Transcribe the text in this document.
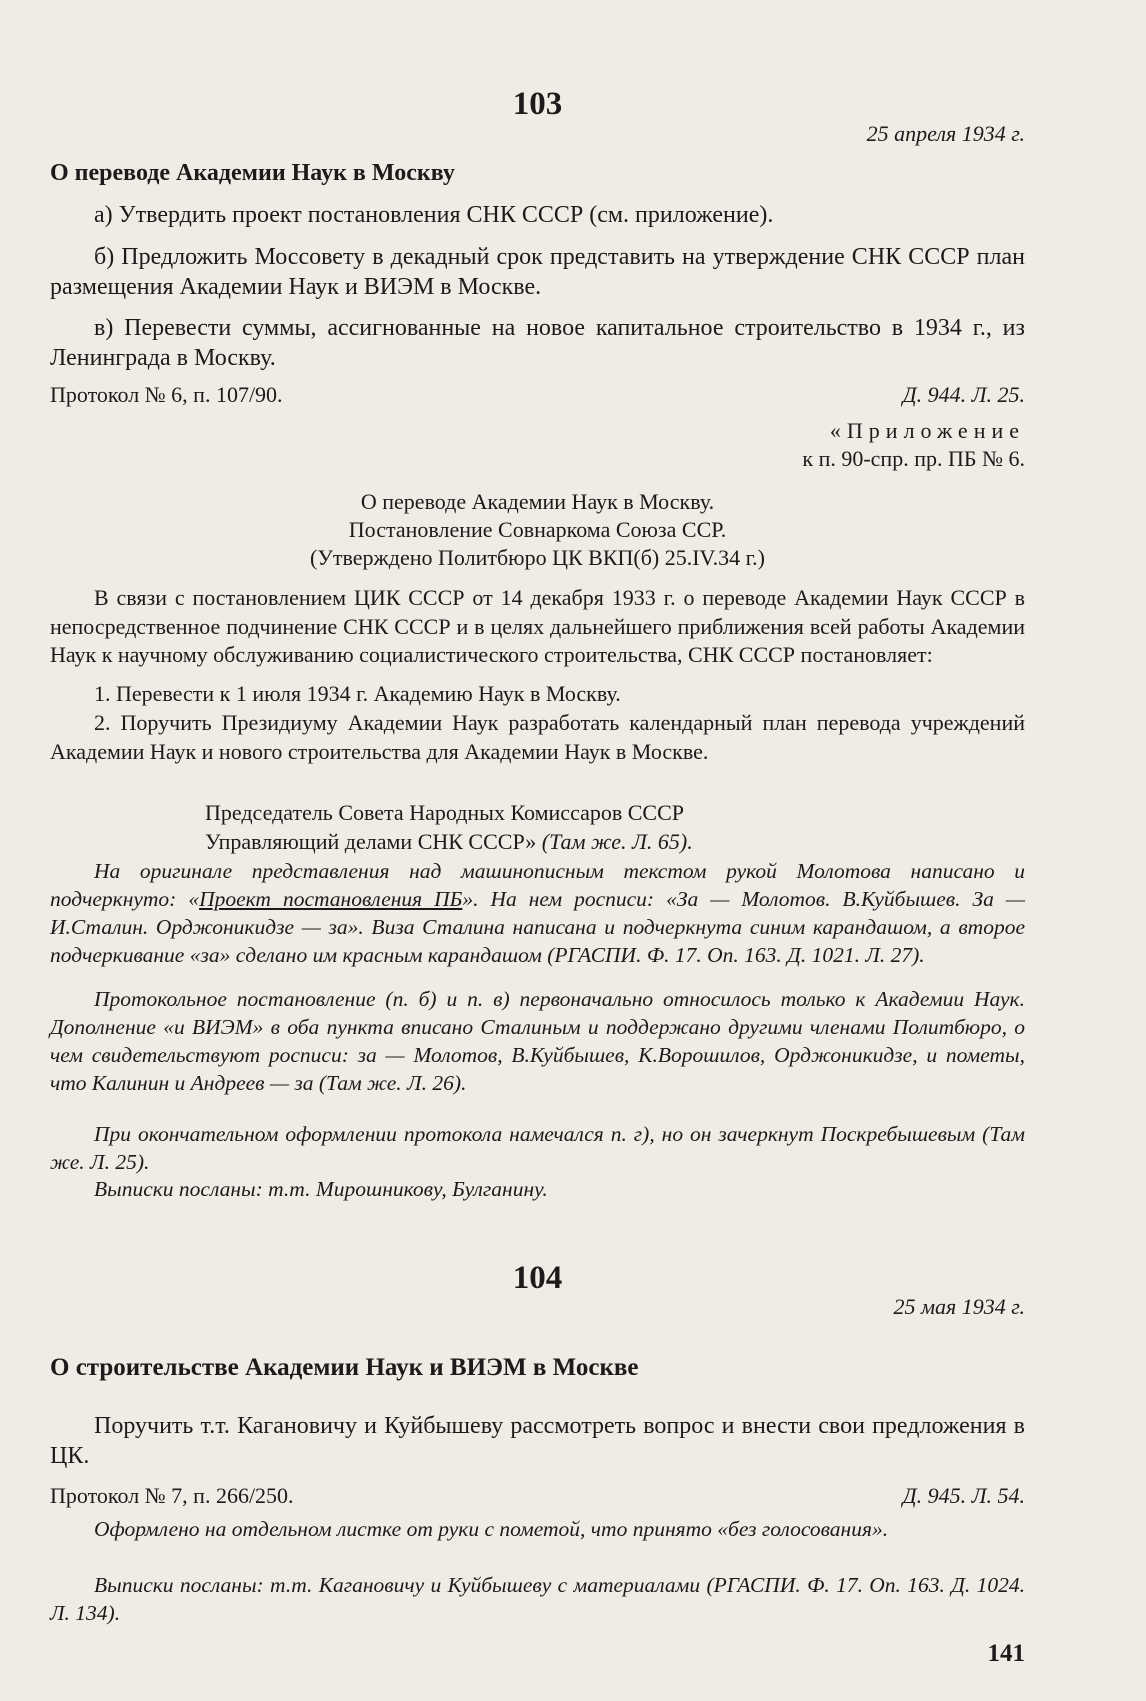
103
25 апреля 1934 г.
О переводе Академии Наук в Москву
а) Утвердить проект постановления СНК СССР (см. приложение).
б) Предложить Моссовету в декадный срок представить на утверждение СНК СССР план размещения Академии Наук и ВИЭМ в Москве.
в) Перевести суммы, ассигнованные на новое капитальное строительство в 1934 г., из Ленинграда в Москву.
Протокол № 6, п. 107/90.	Д. 944. Л. 25.
«Приложение
к п. 90-спр. пр. ПБ № 6.
О переводе Академии Наук в Москву.
Постановление Совнаркома Союза ССР.
(Утверждено Политбюро ЦК ВКП(б) 25.IV.34 г.)
В связи с постановлением ЦИК СССР от 14 декабря 1933 г. о переводе Академии Наук СССР в непосредственное подчинение СНК СССР и в целях дальнейшего приближения всей работы Академии Наук к научному обслуживанию социалистического строительства, СНК СССР постановляет:
1. Перевести к 1 июля 1934 г. Академию Наук в Москву.
2. Поручить Президиуму Академии Наук разработать календарный план перевода учреждений Академии Наук и нового строительства для Академии Наук в Москве.
Председатель Совета Народных Комиссаров СССР
Управляющий делами СНК СССР» (Там же. Л. 65).
На оригинале представления над машинописным текстом рукой Молотова написано и подчеркнуто: «Проект постановления ПБ». На нем росписи: «За — Молотов. В.Куйбышев. За — И.Сталин. Орджоникидзе — за». Виза Сталина написана и подчеркнута синим карандашом, а второе подчеркивание «за» сделано им красным карандашом (РГАСПИ. Ф. 17. Оп. 163. Д. 1021. Л. 27).
Протокольное постановление (п. б) и п. в) первоначально относилось только к Академии Наук. Дополнение «и ВИЭМ» в оба пункта вписано Сталиным и поддержано другими членами Политбюро, о чем свидетельствуют росписи: за — Молотов, В.Куйбышев, К.Ворошилов, Орджоникидзе, и пометы, что Калинин и Андреев — за (Там же. Л. 26).
При окончательном оформлении протокола намечался п. г), но он зачеркнут Поскребышевым (Там же. Л. 25).
Выписки посланы: т.т. Мирошникову, Булганину.
104
25 мая 1934 г.
О строительстве Академии Наук и ВИЭМ в Москве
Поручить т.т. Кагановичу и Куйбышеву рассмотреть вопрос и внести свои предложения в ЦК.
Протокол № 7, п. 266/250.	Д. 945. Л. 54.
Оформлено на отдельном листке от руки с пометой, что принято «без голосования».
Выписки посланы: т.т. Кагановичу и Куйбышеву с материалами (РГАСПИ. Ф. 17. Оп. 163. Д. 1024. Л. 134).
141
